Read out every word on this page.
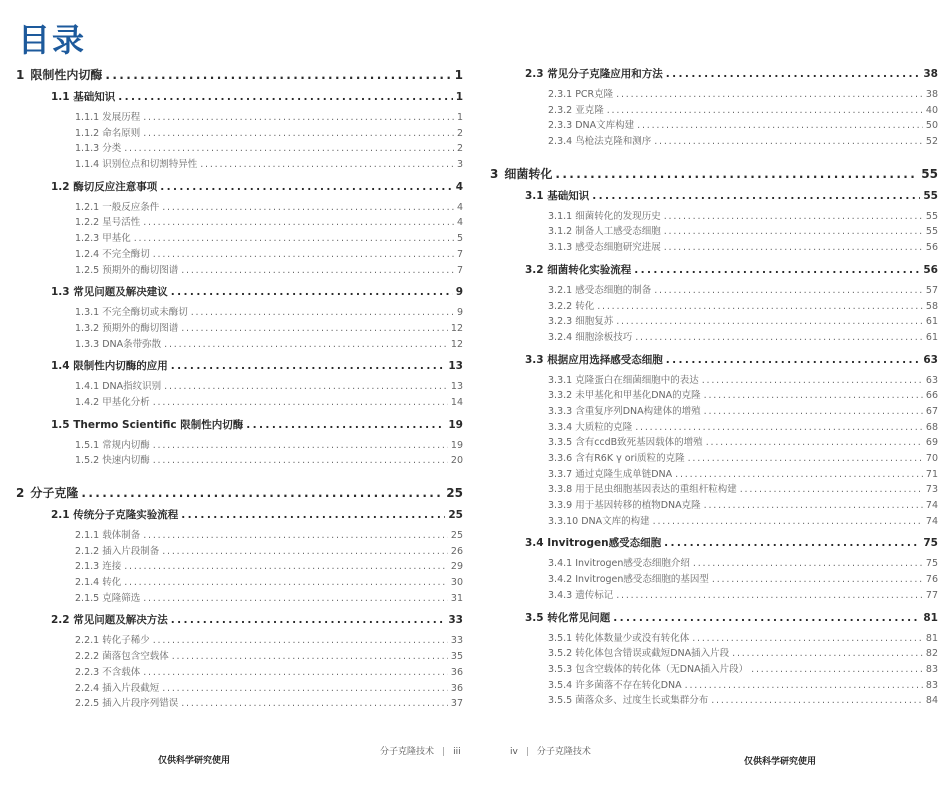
目录
1 限制性内切酶 .....	1
1.1 基础知识 .....	1
1.1.1 发展历程 .....	1
1.1.2 命名原则 .....	2
1.1.3 分类 .....	2
1.1.4 识别位点和切割特异性 .....	3
1.2 酶切反应注意事项 .....	4
1.2.1 一般反应条件 .....	4
1.2.2 星号活性 .....	4
1.2.3 甲基化 .....	5
1.2.4 不完全酶切 .....	7
1.2.5 预期外的酶切图谱 .....	7
1.3 常见问题及解决建议 .....	9
1.3.1 不完全酶切或未酶切 .....	9
1.3.2 预期外的酶切图谱 .....	12
1.3.3 DNA条带弥散 .....	12
1.4 限制性内切酶的应用 .....	13
1.4.1 DNA指纹识别 .....	13
1.4.2 甲基化分析 .....	14
1.5 Thermo Scientific 限制性内切酶 .....	19
1.5.1 常规内切酶 .....	19
1.5.2 快速内切酶 .....	20
2 分子克隆 .....	25
2.1 传统分子克隆实验流程 .....	25
2.1.1 载体制备 .....	25
2.1.2 插入片段制备 .....	26
2.1.3 连接 .....	29
2.1.4 转化 .....	30
2.1.5 克隆筛选 .....	31
2.2 常见问题及解决方法 .....	33
2.2.1 转化子稀少 .....	33
2.2.2 菌落包含空载体 .....	35
2.2.3 不含载体 .....	36
2.2.4 插入片段截短 .....	36
2.2.5 插入片段序列错误 .....	37
2.3 常见分子克隆应用和方法 .....	38
2.3.1 PCR克隆 .....	38
2.3.2 亚克隆 .....	40
2.3.3 DNA文库构建 .....	50
2.3.4 鸟枪法克隆和测序 .....	52
3 细菌转化 .....	55
3.1 基础知识 .....	55
3.1.1 细菌转化的发现历史 .....	55
3.1.2 制备人工感受态细胞 .....	55
3.1.3 感受态细胞研究进展 .....	56
3.2 细菌转化实验流程 .....	56
3.2.1 感受态细胞的制备 .....	57
3.2.2 转化 .....	58
3.2.3 细胞复苏 .....	61
3.2.4 细胞涂板技巧 .....	61
3.3 根据应用选择感受态细胞 .....	63
3.3.1 克隆蛋白在细菌细胞中的表达 .....	63
3.3.2 未甲基化和甲基化DNA的克隆 .....	66
3.3.3 含重复序列DNA构建体的增殖 .....	67
3.3.4 大质粒的克隆 .....	68
3.3.5 含有ccdB致死基因载体的增殖 .....	69
3.3.6 含有R6K γ ori质粒的克隆 .....	70
3.3.7 通过克隆生成单链DNA .....	71
3.3.8 用于昆虫细胞基因表达的重组杆粒构建 .....	73
3.3.9 用于基因转移的植物DNA克隆 .....	74
3.3.10 DNA文库的构建 .....	74
3.4 Invitrogen感受态细胞 .....	75
3.4.1 Invitrogen感受态细胞介绍 .....	75
3.4.2 Invitrogen感受态细胞的基因型 .....	76
3.4.3 遗传标记 .....	77
3.5 转化常见问题 .....	81
3.5.1 转化体数量少或没有转化体 .....	81
3.5.2 转化体包含错误或截短DNA插入片段 .....	82
3.5.3 包含空载体的转化体（无DNA插入片段） .....	83
3.5.4 许多菌落不存在转化DNA .....	83
3.5.5 菌落众多、过度生长或集群分布 .....	84
分子克隆技术 | iii
仅供科学研究使用
iv | 分子克隆技术
仅供科学研究使用
